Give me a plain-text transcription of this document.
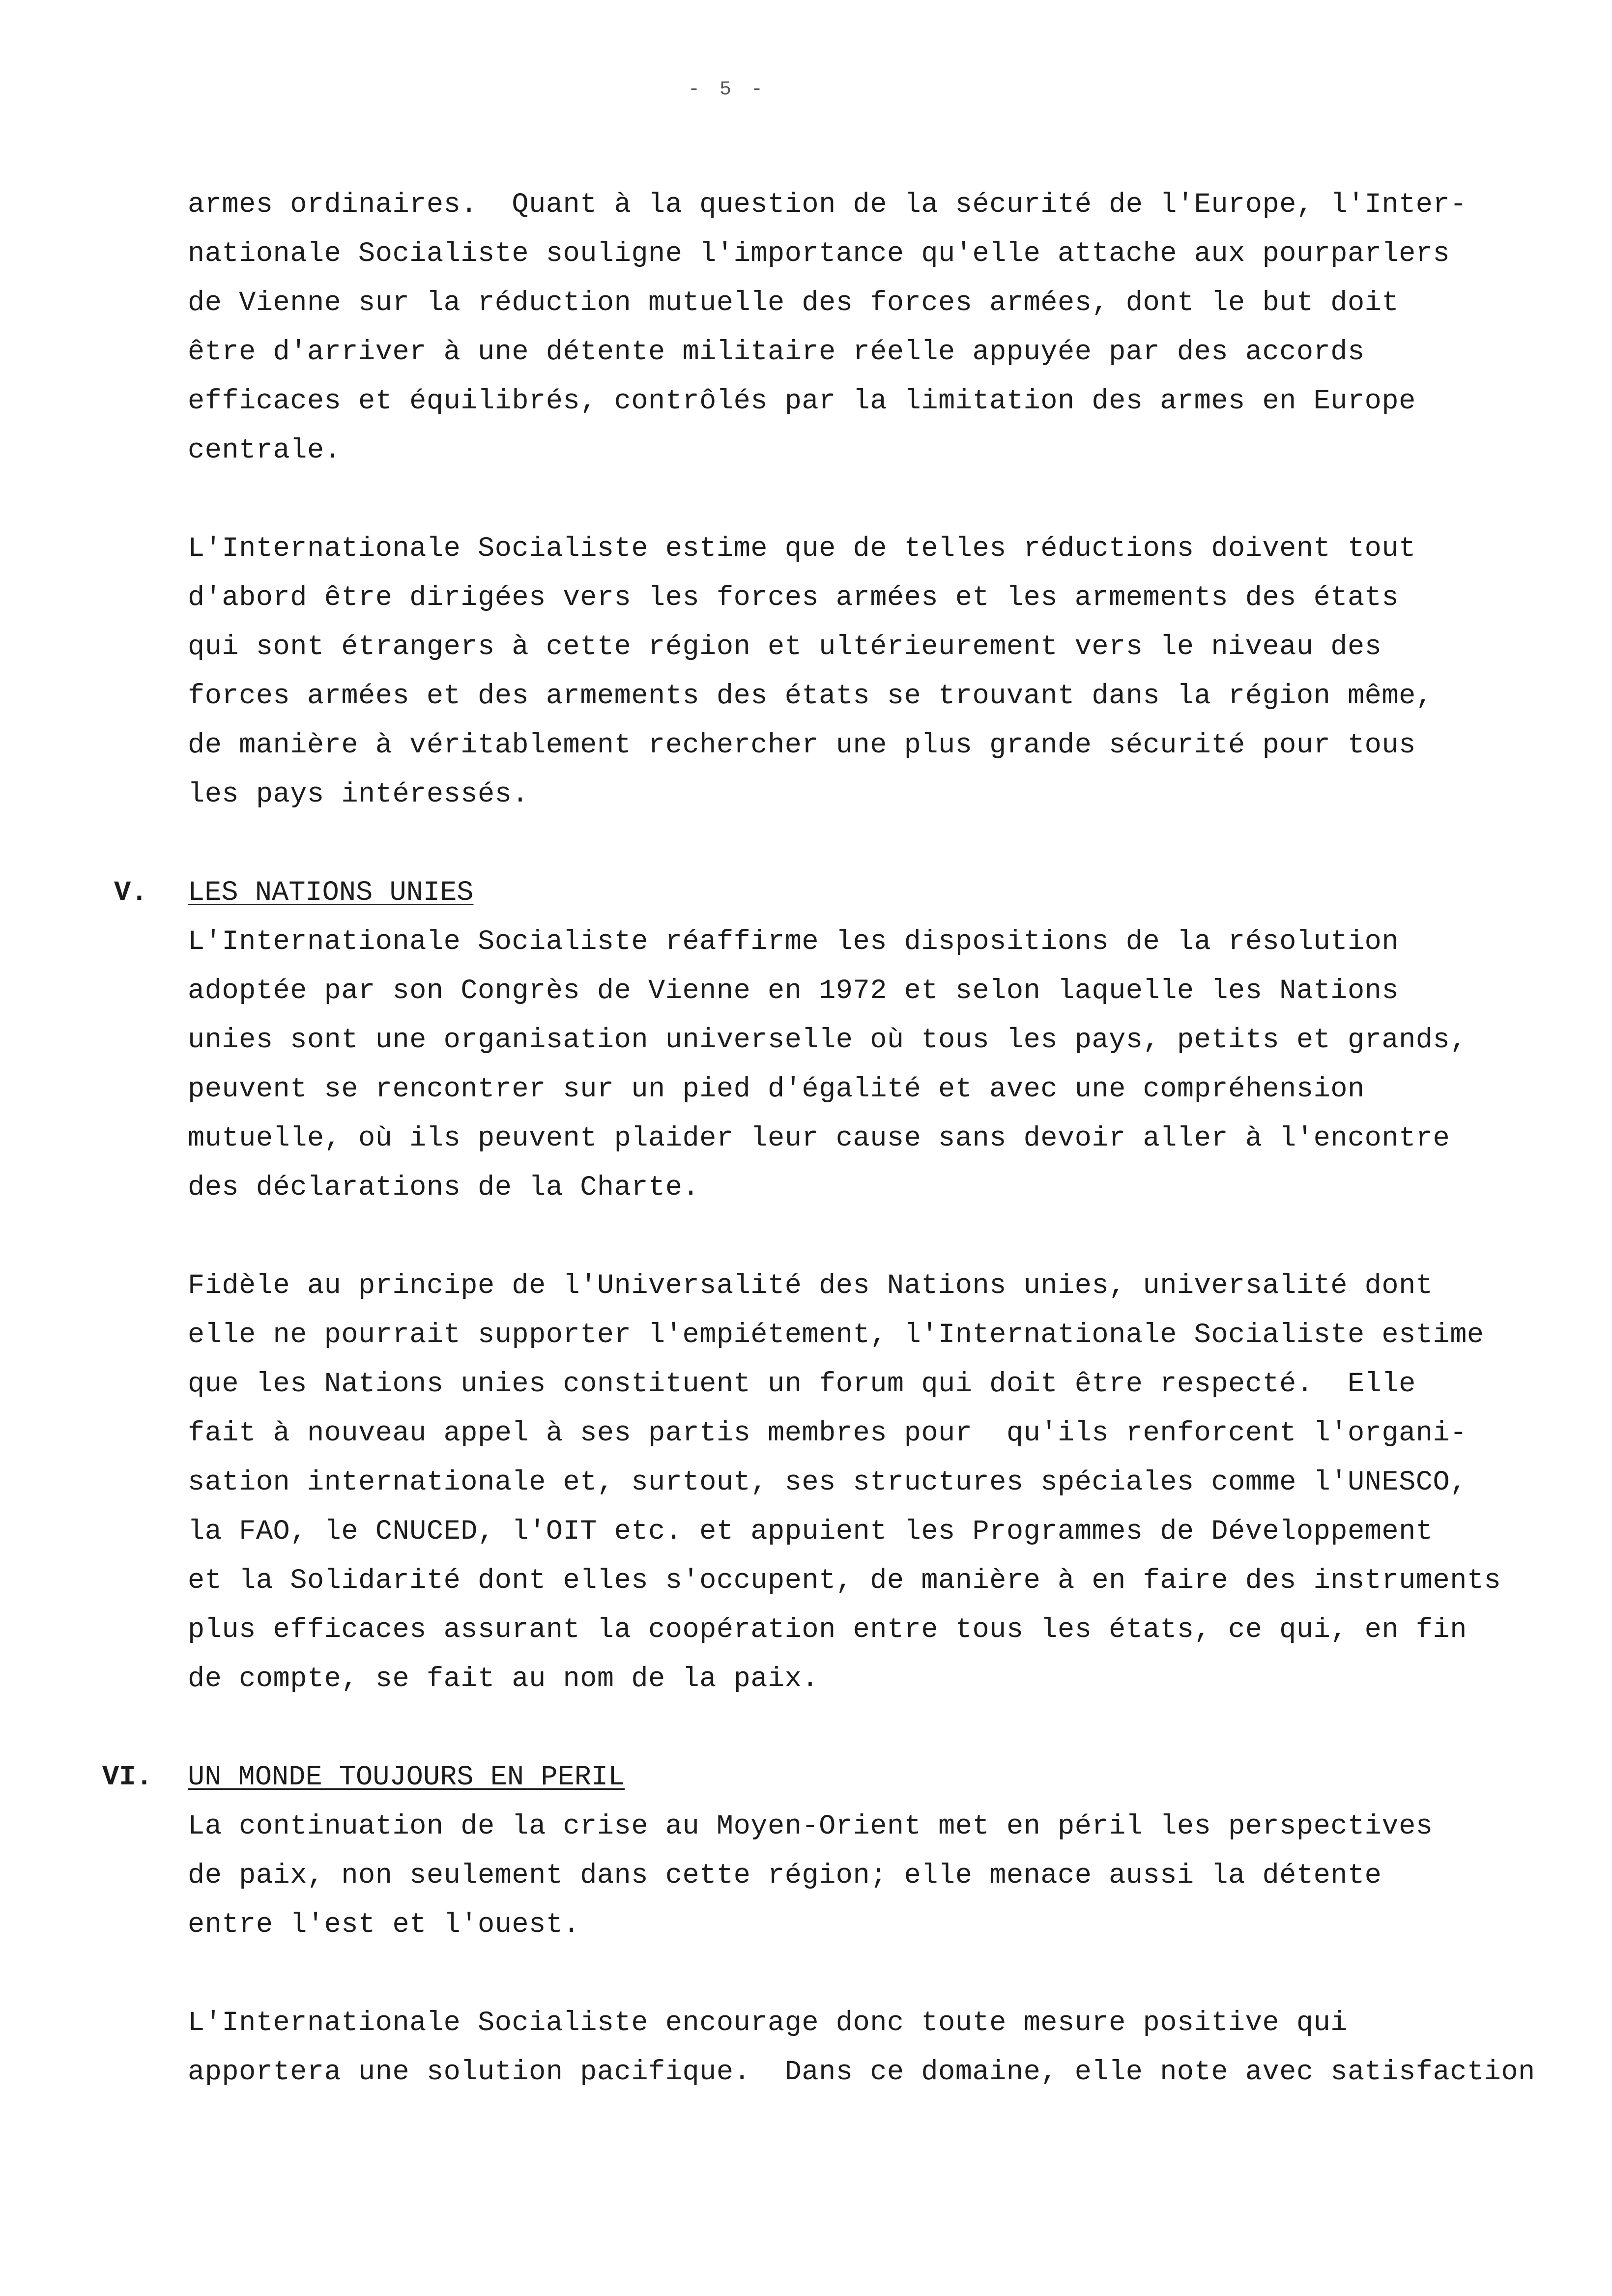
- 5 -
armes ordinaires.  Quant à la question de la sécurité de l'Europe, l'Inter-
nationale Socialiste souligne l'importance qu'elle attache aux pourparlers
de Vienne sur la réduction mutuelle des forces armées, dont le but doit
être d'arriver à une détente militaire réelle appuyée par des accords
efficaces et équilibrés, contrôlés par la limitation des armes en Europe
centrale.
L'Internationale Socialiste estime que de telles réductions doivent tout
d'abord être dirigées vers les forces armées et les armements des états
qui sont étrangers à cette région et ultérieurement vers le niveau des
forces armées et des armements des états se trouvant dans la région même,
de manière à véritablement rechercher une plus grande sécurité pour tous
les pays intéressés.
V. LES NATIONS UNIES
L'Internationale Socialiste réaffirme les dispositions de la résolution
adoptée par son Congrès de Vienne en 1972 et selon laquelle les Nations
unies sont une organisation universelle où tous les pays, petits et grands,
peuvent se rencontrer sur un pied d'égalité et avec une compréhension
mutuelle, où ils peuvent plaider leur cause sans devoir aller à l'encontre
des déclarations de la Charte.
Fidèle au principe de l'Universalité des Nations unies, universalité dont
elle ne pourrait supporter l'empiétement, l'Internationale Socialiste estime
que les Nations unies constituent un forum qui doit être respecté.  Elle
fait à nouveau appel à ses partis membres pour  qu'ils renforcent l'organi-
sation internationale et, surtout, ses structures spéciales comme l'UNESCO,
la FAO, le CNUCED, l'OIT etc. et appuient les Programmes de Développement
et la Solidarité dont elles s'occupent, de manière à en faire des instruments
plus efficaces assurant la coopération entre tous les états, ce qui, en fin
de compte, se fait au nom de la paix.
VI. UN MONDE TOUJOURS EN PERIL
La continuation de la crise au Moyen-Orient met en péril les perspectives
de paix, non seulement dans cette région; elle menace aussi la détente
entre l'est et l'ouest.
L'Internationale Socialiste encourage donc toute mesure positive qui
apportera une solution pacifique.  Dans ce domaine, elle note avec satisfaction
